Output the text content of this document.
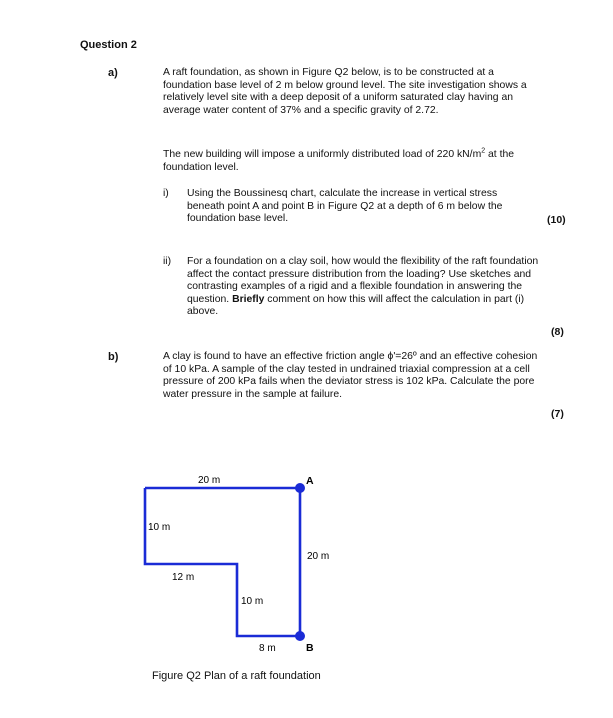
Question 2
a)	A raft foundation, as shown in Figure Q2 below, is to be constructed at a foundation base level of 2 m below ground level. The site investigation shows a relatively level site with a deep deposit of a uniform saturated clay having an average water content of 37% and a specific gravity of 2.72.

The new building will impose a uniformly distributed load of 220 $kN/m^2$ at the foundation level.

i) Using the Boussinesq chart, calculate the increase in vertical stress beneath point A and point B in Figure Q2 at a depth of 6 m below the foundation base level.	(10)
ii) For a foundation on a clay soil, how would the flexibility of the raft foundation affect the contact pressure distribution from the loading? Use sketches and contrasting examples of a rigid and a flexible foundation in answering the question. Briefly comment on how this will affect the calculation in part (i) above.

(8)
b)	A clay is found to have an effective friction angle ϕ'=26º and an effective cohesion of 10 kPa. A sample of the clay tested in undrained triaxial compression at a cell pressure of 200 kPa fails when the deviator stress is 102 kPa. Calculate the pore water pressure in the sample at failure.

(7)
20 m	A
10 m
20 m
12 m
10 m
8 m	B
Figure Q2 Plan of a raft foundation
